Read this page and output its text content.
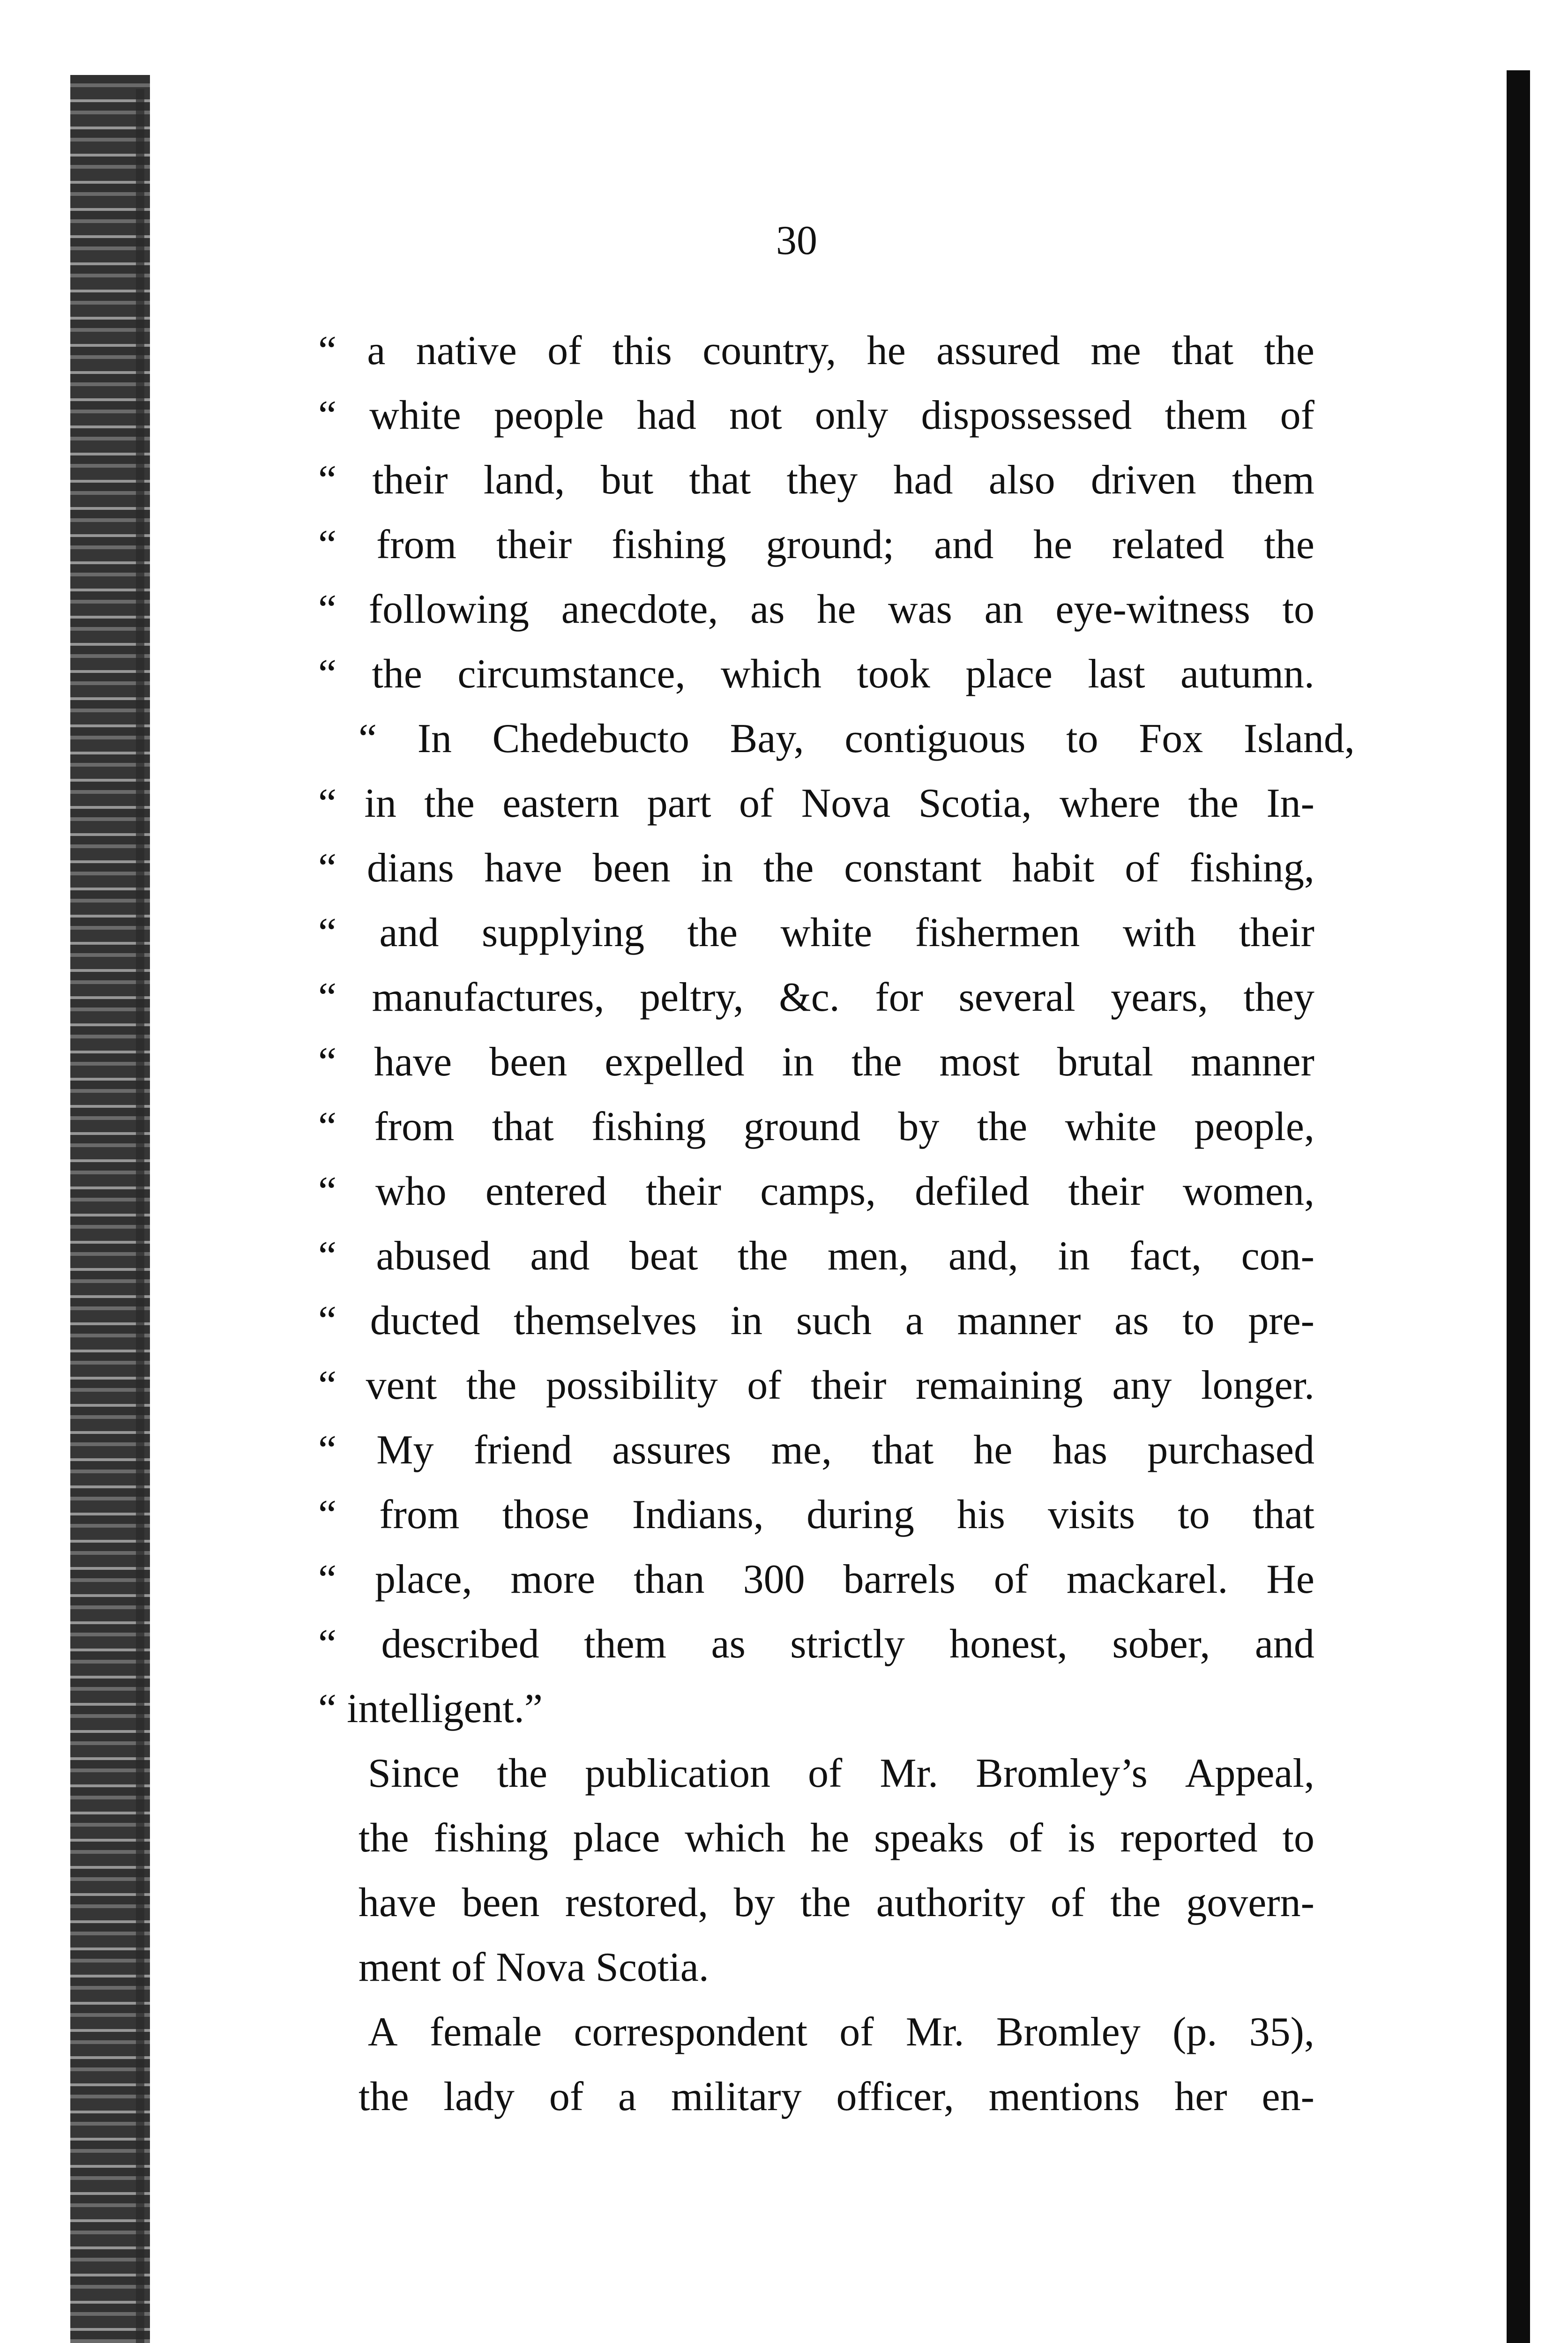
30
“ a native of this country, he assured me that the
“ white people had not only dispossessed them of
“ their land, but that they had also driven them
“ from their fishing ground; and he related the
“ following anecdote, as he was an eye-witness to
“ the circumstance, which took place last autumn.
“ In Chedebucto Bay, contiguous to Fox Island,
“ in the eastern part of Nova Scotia, where the In-
“ dians have been in the constant habit of fishing,
“ and supplying the white fishermen with their
“ manufactures, peltry, &c. for several years, they
“ have been expelled in the most brutal manner
“ from that fishing ground by the white people,
“ who entered their camps, defiled their women,
“ abused and beat the men, and, in fact, con-
“ ducted themselves in such a manner as to pre-
“ vent the possibility of their remaining any longer.
“ My friend assures me, that he has purchased
“ from those Indians, during his visits to that
“ place, more than 300 barrels of mackarel. He
“ described them as strictly honest, sober, and
“ intelligent.”
Since the publication of Mr. Bromley’s Appeal,
the fishing place which he speaks of is reported to
have been restored, by the authority of the govern-
ment of Nova Scotia.
A female correspondent of Mr. Bromley (p. 35),
the lady of a military officer, mentions her en-
